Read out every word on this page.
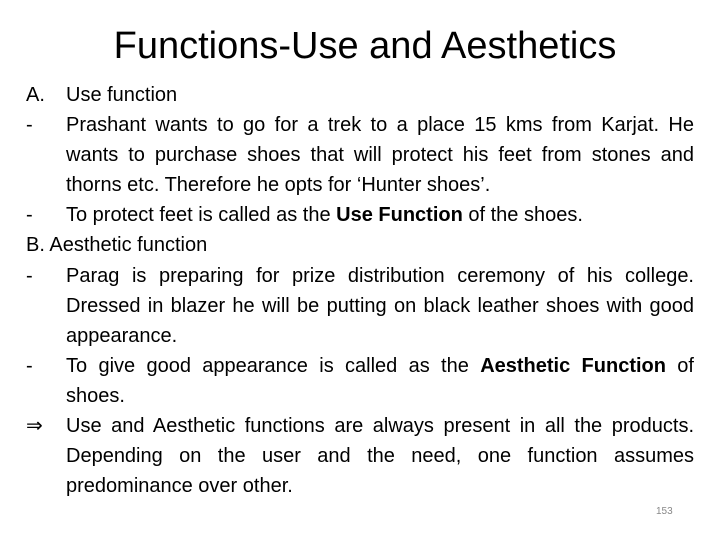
Functions-Use and Aesthetics
A. Use function
- Prashant wants to go for a trek to a place 15 kms from Karjat. He wants to purchase shoes that will protect his feet from stones and thorns etc. Therefore he opts for ‘Hunter shoes’.
- To protect feet is called as the Use Function of the shoes.
B. Aesthetic function
- Parag is preparing for prize distribution ceremony of his college. Dressed in blazer he will be putting on black leather shoes with good appearance.
- To give good appearance is called as the Aesthetic Function of shoes.
⇒ Use and Aesthetic functions are always present in all the products. Depending on the user and the need, one function assumes predominance over other.
153
